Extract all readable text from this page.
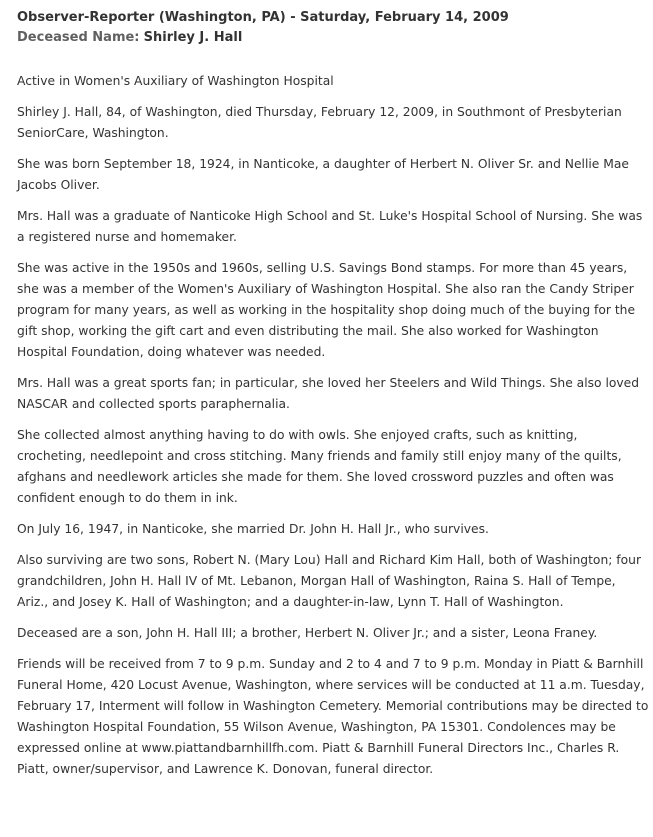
Observer-Reporter (Washington, PA) - Saturday, February 14, 2009
Deceased Name: Shirley J. Hall

Active in Women's Auxiliary of Washington Hospital

Shirley J. Hall, 84, of Washington, died Thursday, February 12, 2009, in Southmont of Presbyterian SeniorCare, Washington.

She was born September 18, 1924, in Nanticoke, a daughter of Herbert N. Oliver Sr. and Nellie Mae Jacobs Oliver.

Mrs. Hall was a graduate of Nanticoke High School and St. Luke's Hospital School of Nursing. She was a registered nurse and homemaker.

She was active in the 1950s and 1960s, selling U.S. Savings Bond stamps. For more than 45 years, she was a member of the Women's Auxiliary of Washington Hospital. She also ran the Candy Striper program for many years, as well as working in the hospitality shop doing much of the buying for the gift shop, working the gift cart and even distributing the mail. She also worked for Washington Hospital Foundation, doing whatever was needed.

Mrs. Hall was a great sports fan; in particular, she loved her Steelers and Wild Things. She also loved NASCAR and collected sports paraphernalia.

She collected almost anything having to do with owls. She enjoyed crafts, such as knitting, crocheting, needlepoint and cross stitching. Many friends and family still enjoy many of the quilts, afghans and needlework articles she made for them. She loved crossword puzzles and often was confident enough to do them in ink.

On July 16, 1947, in Nanticoke, she married Dr. John H. Hall Jr., who survives.

Also surviving are two sons, Robert N. (Mary Lou) Hall and Richard Kim Hall, both of Washington; four grandchildren, John H. Hall IV of Mt. Lebanon, Morgan Hall of Washington, Raina S. Hall of Tempe, Ariz., and Josey K. Hall of Washington; and a daughter-in-law, Lynn T. Hall of Washington.

Deceased are a son, John H. Hall III; a brother, Herbert N. Oliver Jr.; and a sister, Leona Franey.

Friends will be received from 7 to 9 p.m. Sunday and 2 to 4 and 7 to 9 p.m. Monday in Piatt & Barnhill Funeral Home, 420 Locust Avenue, Washington, where services will be conducted at 11 a.m. Tuesday, February 17, Interment will follow in Washington Cemetery. Memorial contributions may be directed to Washington Hospital Foundation, 55 Wilson Avenue, Washington, PA 15301. Condolences may be expressed online at www.piattandbarnhillfh.com. Piatt & Barnhill Funeral Directors Inc., Charles R. Piatt, owner/supervisor, and Lawrence K. Donovan, funeral director.
